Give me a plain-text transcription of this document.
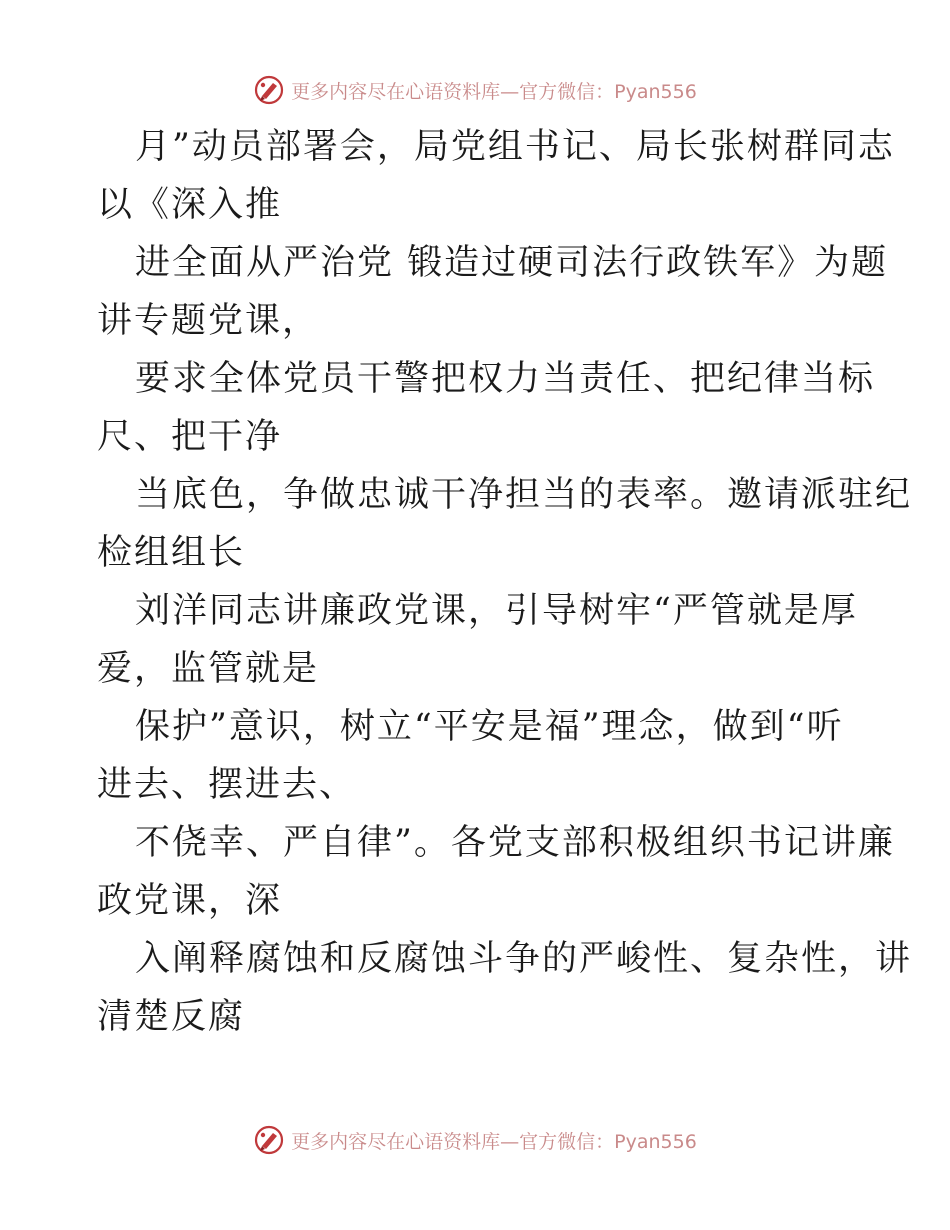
更多内容尽在心语资料库—官方微信：Pyan556
月”动员部署会，局党组书记、局长张树群同志
以《深入推
进全面从严治党 锻造过硬司法行政铁军》为题
讲专题党课，
要求全体党员干警把权力当责任、把纪律当标
尺、把干净
当底色，争做忠诚干净担当的表率。邀请派驻纪
检组组长
刘洋同志讲廉政党课，引导树牢“严管就是厚
爱，监管就是
保护”意识，树立“平安是福”理念，做到“听
进去、摆进去、
不侥幸、严自律”。各党支部积极组织书记讲廉
政党课，深
入阐释腐蚀和反腐蚀斗争的严峻性、复杂性，讲
清楚反腐
更多内容尽在心语资料库—官方微信：Pyan556
